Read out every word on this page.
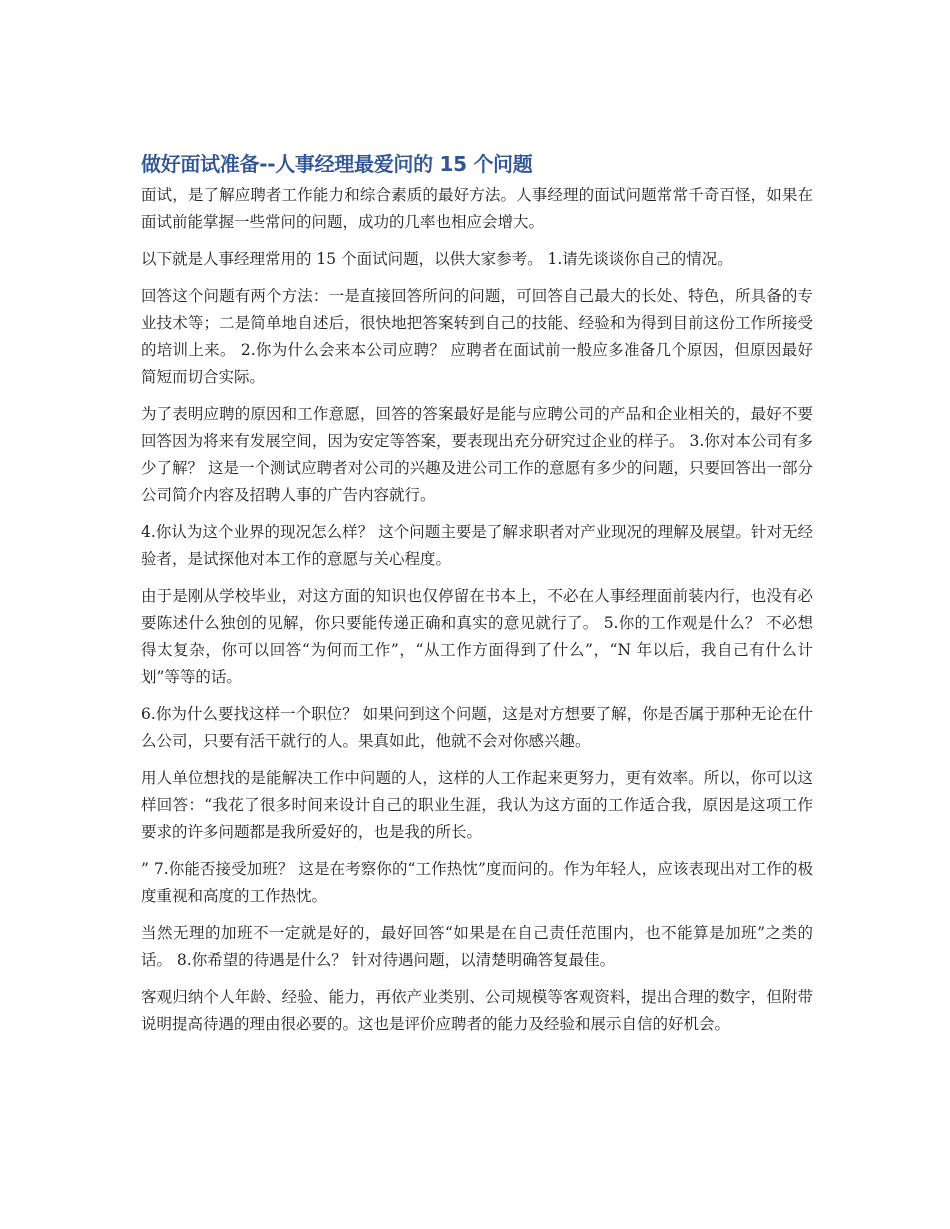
做好面试准备--人事经理最爱问的 15 个问题

面试，是了解应聘者工作能力和综合素质的最好方法。人事经理的面试问题常常千奇百怪，如果在面试前能掌握一些常问的问题，成功的几率也相应会增大。

以下就是人事经理常用的 15 个面试问题，以供大家参考。 1.请先谈谈你自己的情况。

回答这个问题有两个方法：一是直接回答所问的问题，可回答自己最大的长处、特色，所具备的专业技术等；二是简单地自述后，很快地把答案转到自己的技能、经验和为得到目前这份工作所接受的培训上来。 2.你为什么会来本公司应聘？ 应聘者在面试前一般应多准备几个原因，但原因最好简短而切合实际。

为了表明应聘的原因和工作意愿，回答的答案最好是能与应聘公司的产品和企业相关的，最好不要回答因为将来有发展空间，因为安定等答案，要表现出充分研究过企业的样子。 3.你对本公司有多少了解？ 这是一个测试应聘者对公司的兴趣及进公司工作的意愿有多少的问题，只要回答出一部分公司简介内容及招聘人事的广告内容就行。

4.你认为这个业界的现况怎么样？ 这个问题主要是了解求职者对产业现况的理解及展望。针对无经验者，是试探他对本工作的意愿与关心程度。

由于是刚从学校毕业，对这方面的知识也仅停留在书本上，不必在人事经理面前装内行，也没有必要陈述什么独创的见解，你只要能传递正确和真实的意见就行了。 5.你的工作观是什么？ 不必想得太复杂，你可以回答“为何而工作”，“从工作方面得到了什么”，“N 年以后，我自己有什么计划”等等的话。

6.你为什么要找这样一个职位？ 如果问到这个问题，这是对方想要了解，你是否属于那种无论在什么公司，只要有活干就行的人。果真如此，他就不会对你感兴趣。

用人单位想找的是能解决工作中问题的人，这样的人工作起来更努力，更有效率。所以，你可以这样回答：“我花了很多时间来设计自己的职业生涯，我认为这方面的工作适合我，原因是这项工作要求的许多问题都是我所爱好的，也是我的所长。

” 7.你能否接受加班？ 这是在考察你的“工作热忱”度而问的。作为年轻人，应该表现出对工作的极度重视和高度的工作热忱。

当然无理的加班不一定就是好的，最好回答“如果是在自己责任范围内，也不能算是加班”之类的话。 8.你希望的待遇是什么？ 针对待遇问题，以清楚明确答复最佳。

客观归纳个人年龄、经验、能力，再依产业类别、公司规模等客观资料，提出合理的数字，但附带说明提高待遇的理由很必要的。这也是评价应聘者的能力及经验和展示自信的好机会。
